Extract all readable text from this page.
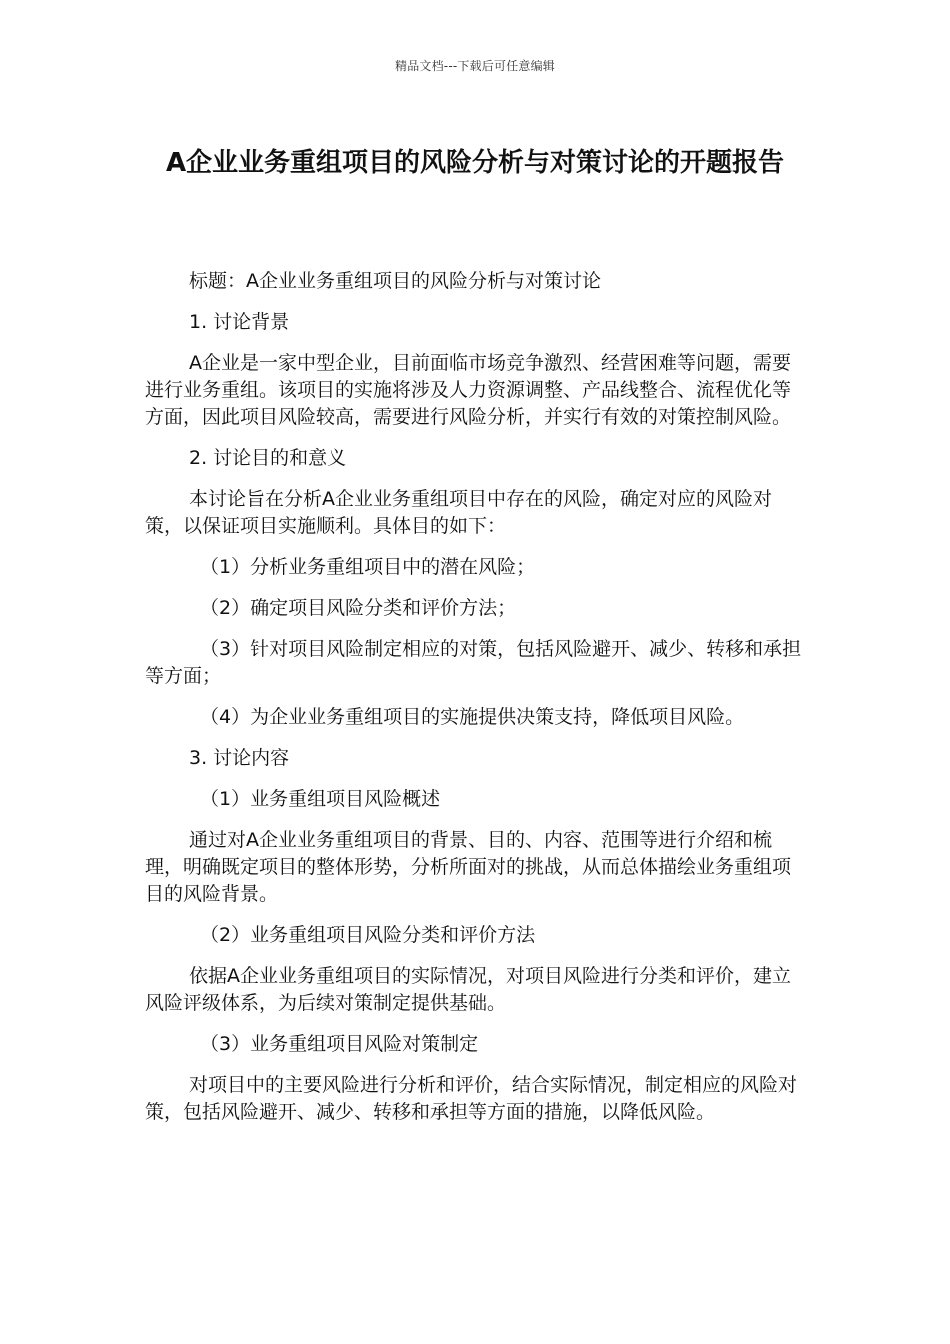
精品文档---下载后可任意编辑
A企业业务重组项目的风险分析与对策讨论的开题报告

标题：A企业业务重组项目的风险分析与对策讨论

1. 讨论背景

A企业是一家中型企业，目前面临市场竞争激烈、经营困难等问题，需要进行业务重组。该项目的实施将涉及人力资源调整、产品线整合、流程优化等方面，因此项目风险较高，需要进行风险分析，并实行有效的对策控制风险。

2. 讨论目的和意义

本讨论旨在分析A企业业务重组项目中存在的风险，确定对应的风险对策，以保证项目实施顺利。具体目的如下：

（1）分析业务重组项目中的潜在风险；

（2）确定项目风险分类和评价方法；

（3）针对项目风险制定相应的对策，包括风险避开、减少、转移和承担等方面；

（4）为企业业务重组项目的实施提供决策支持，降低项目风险。

3. 讨论内容

（1）业务重组项目风险概述

通过对A企业业务重组项目的背景、目的、内容、范围等进行介绍和梳理，明确既定项目的整体形势，分析所面对的挑战，从而总体描绘业务重组项目的风险背景。

（2）业务重组项目风险分类和评价方法

依据A企业业务重组项目的实际情况，对项目风险进行分类和评价，建立风险评级体系，为后续对策制定提供基础。

（3）业务重组项目风险对策制定

对项目中的主要风险进行分析和评价，结合实际情况，制定相应的风险对策，包括风险避开、减少、转移和承担等方面的措施，以降低风险。
